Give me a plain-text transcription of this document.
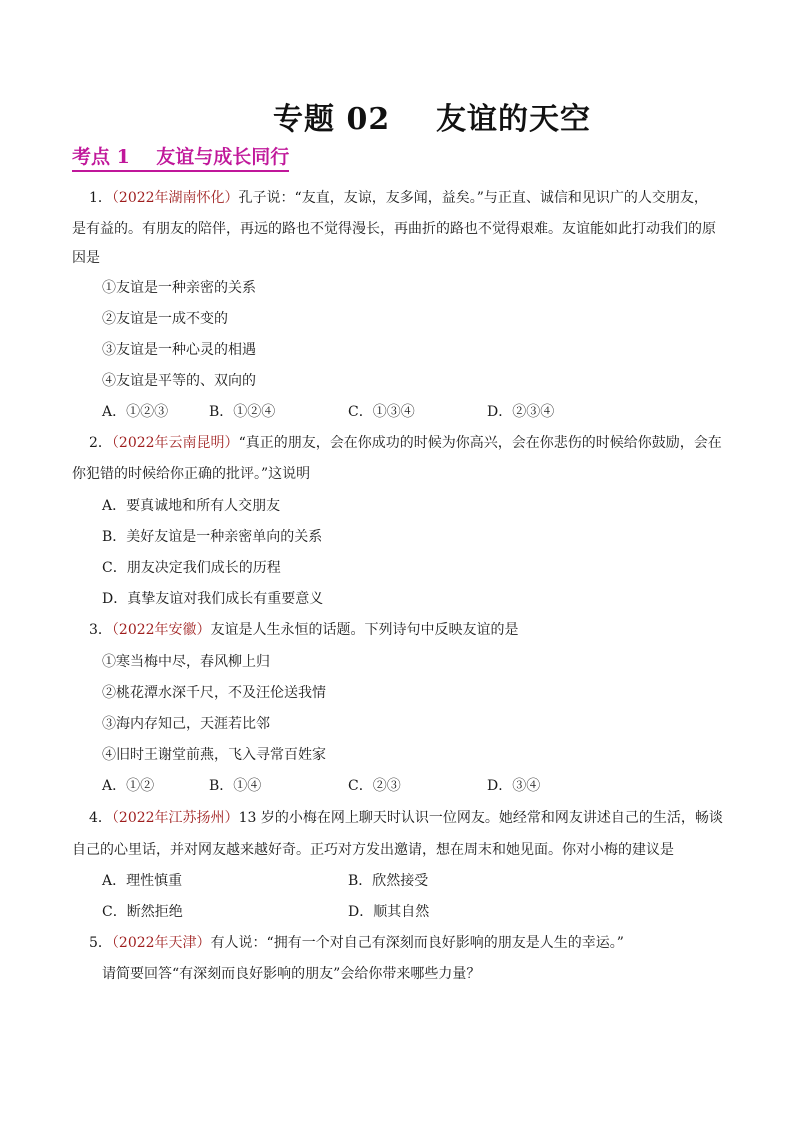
专题 02    友谊的天空
考点 1    友谊与成长同行
1．（2022年湖南怀化）孔子说：“友直，友谅，友多闻，益矣。”与正直、诚信和见识广的人交朋友，
是有益的。有朋友的陪伴，再远的路也不觉得漫长，再曲折的路也不觉得艰难。友谊能如此打动我们的原
因是
①友谊是一种亲密的关系
②友谊是一成不变的
③友谊是一种心灵的相遇
④友谊是平等的、双向的
A．①②③	B．①②④	C．①③④	D．②③④
2．（2022年云南昆明）“真正的朋友，会在你成功的时候为你高兴，会在你悲伤的时候给你鼓励，会在
你犯错的时候给你正确的批评。”这说明
A．要真诚地和所有人交朋友
B．美好友谊是一种亲密单向的关系
C．朋友决定我们成长的历程
D．真挚友谊对我们成长有重要意义
3．（2022年安徽）友谊是人生永恒的话题。下列诗句中反映友谊的是
①寒当梅中尽，春风柳上归
②桃花潭水深千尺，不及汪伦送我情
③海内存知己，天涯若比邻
④旧时王谢堂前燕，飞入寻常百姓家
A．①②	B．①④	C．②③	D．③④
4．（2022年江苏扬州）13 岁的小梅在网上聊天时认识一位网友。她经常和网友讲述自己的生活，畅谈
自己的心里话，并对网友越来越好奇。正巧对方发出邀请，想在周末和她见面。你对小梅的建议是
A．理性慎重	B．欣然接受
C．断然拒绝	D．顺其自然
5．（2022年天津）有人说：“拥有一个对自己有深刻而良好影响的朋友是人生的幸运。”
请简要回答“有深刻而良好影响的朋友”会给你带来哪些力量？
